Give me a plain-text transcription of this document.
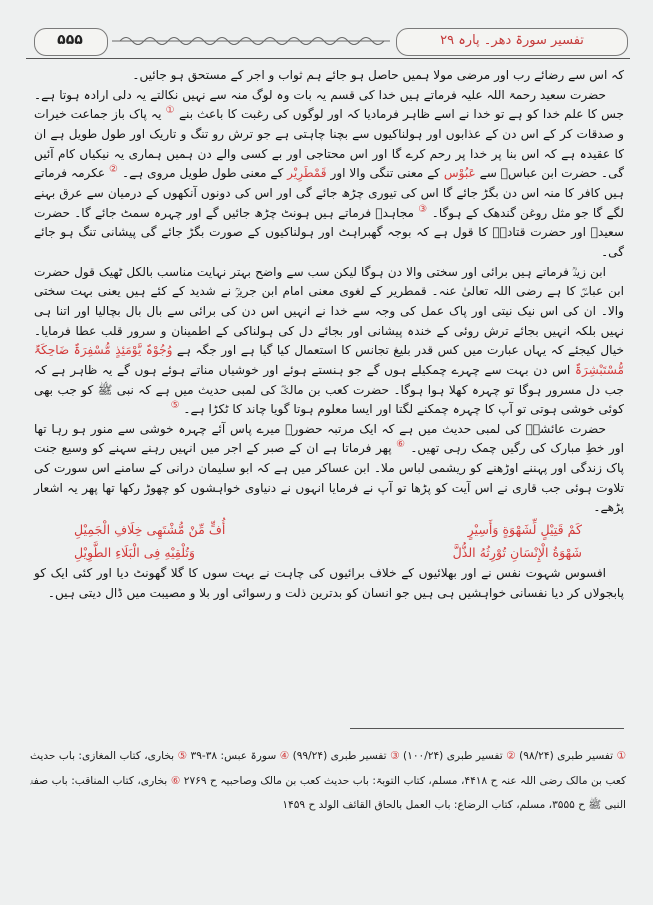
تفسیر سورۃ دھر۔ پارہ ۲۹
۵۵۵

کہ اس سے رضائے رب اور مرضی مولا ہمیں حاصل ہو جائے ہم ثواب و اجر کے مستحق ہو جائیں۔

حضرت سعید رحمۃ اللہ علیہ فرماتے ہیں خدا کی قسم یہ بات وہ لوگ منہ سے نہیں نکالتے یہ دلی ارادہ ہوتا ہے۔ جس کا علم خدا کو ہے تو خدا نے اسے ظاہر فرمادیا کہ اور لوگوں کی رغبت کا باعث بنے ① یہ پاک باز جماعت خیرات و صدقات کر کے اس دن کے عذابوں اور ہولناکیوں سے بچنا چاہتی ہے جو ترش رو تنگ و تاریک اور طول طویل ہے ان کا عقیدہ ہے کہ اس بنا پر خدا پر رحم کرے گا اور اس محتاجی اور بے کسی والے دن ہمیں ہماری یہ نیکیاں کام آئیں گی۔ حضرت ابن عباسؓ سے عَبُوْس کے معنی تنگی والا اور قَمْطَرِیْر کے معنی طول طویل مروی ہے۔ ② عکرمہ فرماتے ہیں کافر کا منہ اس دن بگڑ جائے گا اس کی تیوری چڑھ جائے گی اور اس کی دونوں آنکھوں کے درمیان سے عرق بہنے لگے گا جو مثل روغن گندھک کے ہوگا۔ ③ مجاہدؒ فرماتے ہیں ہونٹ چڑھ جائیں گے اور چہرہ سمٹ جائے گا۔ حضرت سعیدؒ اور حضرت قتادہؒ کا قول ہے کہ بوجہ گھبراہٹ اور ہولناکیوں کے صورت بگڑ جائے گی پیشانی تنگ ہو جائے گی۔

ابن زیدؒ فرماتے ہیں برائی اور سختی والا دن ہوگا لیکن سب سے واضح بہتر نہایت مناسب بالکل ٹھیک قول حضرت ابن عباسؓ کا ہے رضی اللہ تعالیٰ عنہ۔ قمطریر کے لغوی معنی امام ابن جریرؒ نے شدید کے کئے ہیں یعنی بہت سختی والا۔ ان کی اس نیک نیتی اور پاک عمل کی وجہ سے خدا نے انہیں اس دن کی برائی سے بال بال بچالیا اور اتنا ہی نہیں بلکہ انہیں بجائے ترش روئی کے خندہ پیشانی اور بجائے دل کی ہولناکی کے اطمینان و سرور قلب عطا فرمایا۔ خیال کیجئے کہ یہاں عبارت میں کس قدر بلیغ تجانس کا استعمال کیا گیا ہے اور جگہ ہے وُجُوْہٌ یَّوْمَئِذٍ مُّسْفِرَۃٌ ضَاحِکَۃٌ مُّسْتَبْشِرَۃٌ اس دن بہت سے چہرے چمکیلے ہوں گے جو ہنستے ہوئے اور خوشیاں مناتے ہوئے ہوں گے یہ ظاہر ہے کہ جب دل مسرور ہوگا تو چہرہ کھلا ہوا ہوگا۔ حضرت کعب بن مالکؓ کی لمبی حدیث میں ہے کہ نبی ﷺ کو جب بھی کوئی خوشی ہوتی تو آپ کا چہرہ چمکنے لگتا اور ایسا معلوم ہوتا گویا چاند کا ٹکڑا ہے۔ ⑤

حضرت عائشہؓ کی لمبی حدیث میں ہے کہ ایک مرتبہ حضورؐ میرے پاس آئے چہرہ خوشی سے منور ہو رہا تھا اور خطِ مبارک کی رگیں چمک رہی تھیں۔ ⑥ پھر فرماتا ہے ان کے صبر کے اجر میں انہیں رہنے سہنے کو وسیع جنت پاک زندگی اور پہننے اوڑھنے کو ریشمی لباس ملا۔ ابن عساکر میں ہے کہ ابو سلیمان درانی کے سامنے اس سورت کی تلاوت ہوئی جب قاری نے اس آیت کو پڑھا تو آپ نے فرمایا انہوں نے دنیاوی خواہشوں کو چھوڑ رکھا تھا پھر یہ اشعار پڑھے۔

كَمْ قَتِيْلٍ لِّشَهْوَةٍ وَأَسِيْرٍ
أُفٍّ مِّنْ مُّشْتَهِی خِلَافِ الْجَمِيْلِ
شَهْوَةُ الْإِنْسَانِ تُوْرِثُهُ الذُّلَّ
وَتُلْقِيْهِ فِی الْبَلَاءِ الطَّوِيْلِ

افسوس شہوت نفس نے اور بھلائیوں کے خلاف برائیوں کی چاہت نے بہت سوں کا گلا گھونٹ دیا اور کئی ایک کو پابجولاں کر دیا نفسانی خواہشیں ہی ہیں جو انسان کو بدترین ذلت و رسوائی اور بلا و مصیبت میں ڈال دیتی ہیں۔

① تفسیر طبری (۹۸/۲۴) ② تفسیر طبری (۱۰۰/۲۴) ③ تفسیر طبری (۹۹/۲۴) ④ سورۃ عبس: ۳۸-۳۹ ⑤ بخاری، کتاب المغازی: باب حدیث کعب بن مالک رضی اللہ عنہ ح ۴۴۱۸، مسلم، کتاب التوبۃ: باب حدیث کعب بن مالک وصاحبیہ ح ۲۷۶۹ ⑥ بخاری، کتاب المناقب: باب صفۃ النبی ﷺ ح ۳۵۵۵، مسلم، کتاب الرضاع: باب العمل بالحاق القائف الولد ح ۱۴۵۹
